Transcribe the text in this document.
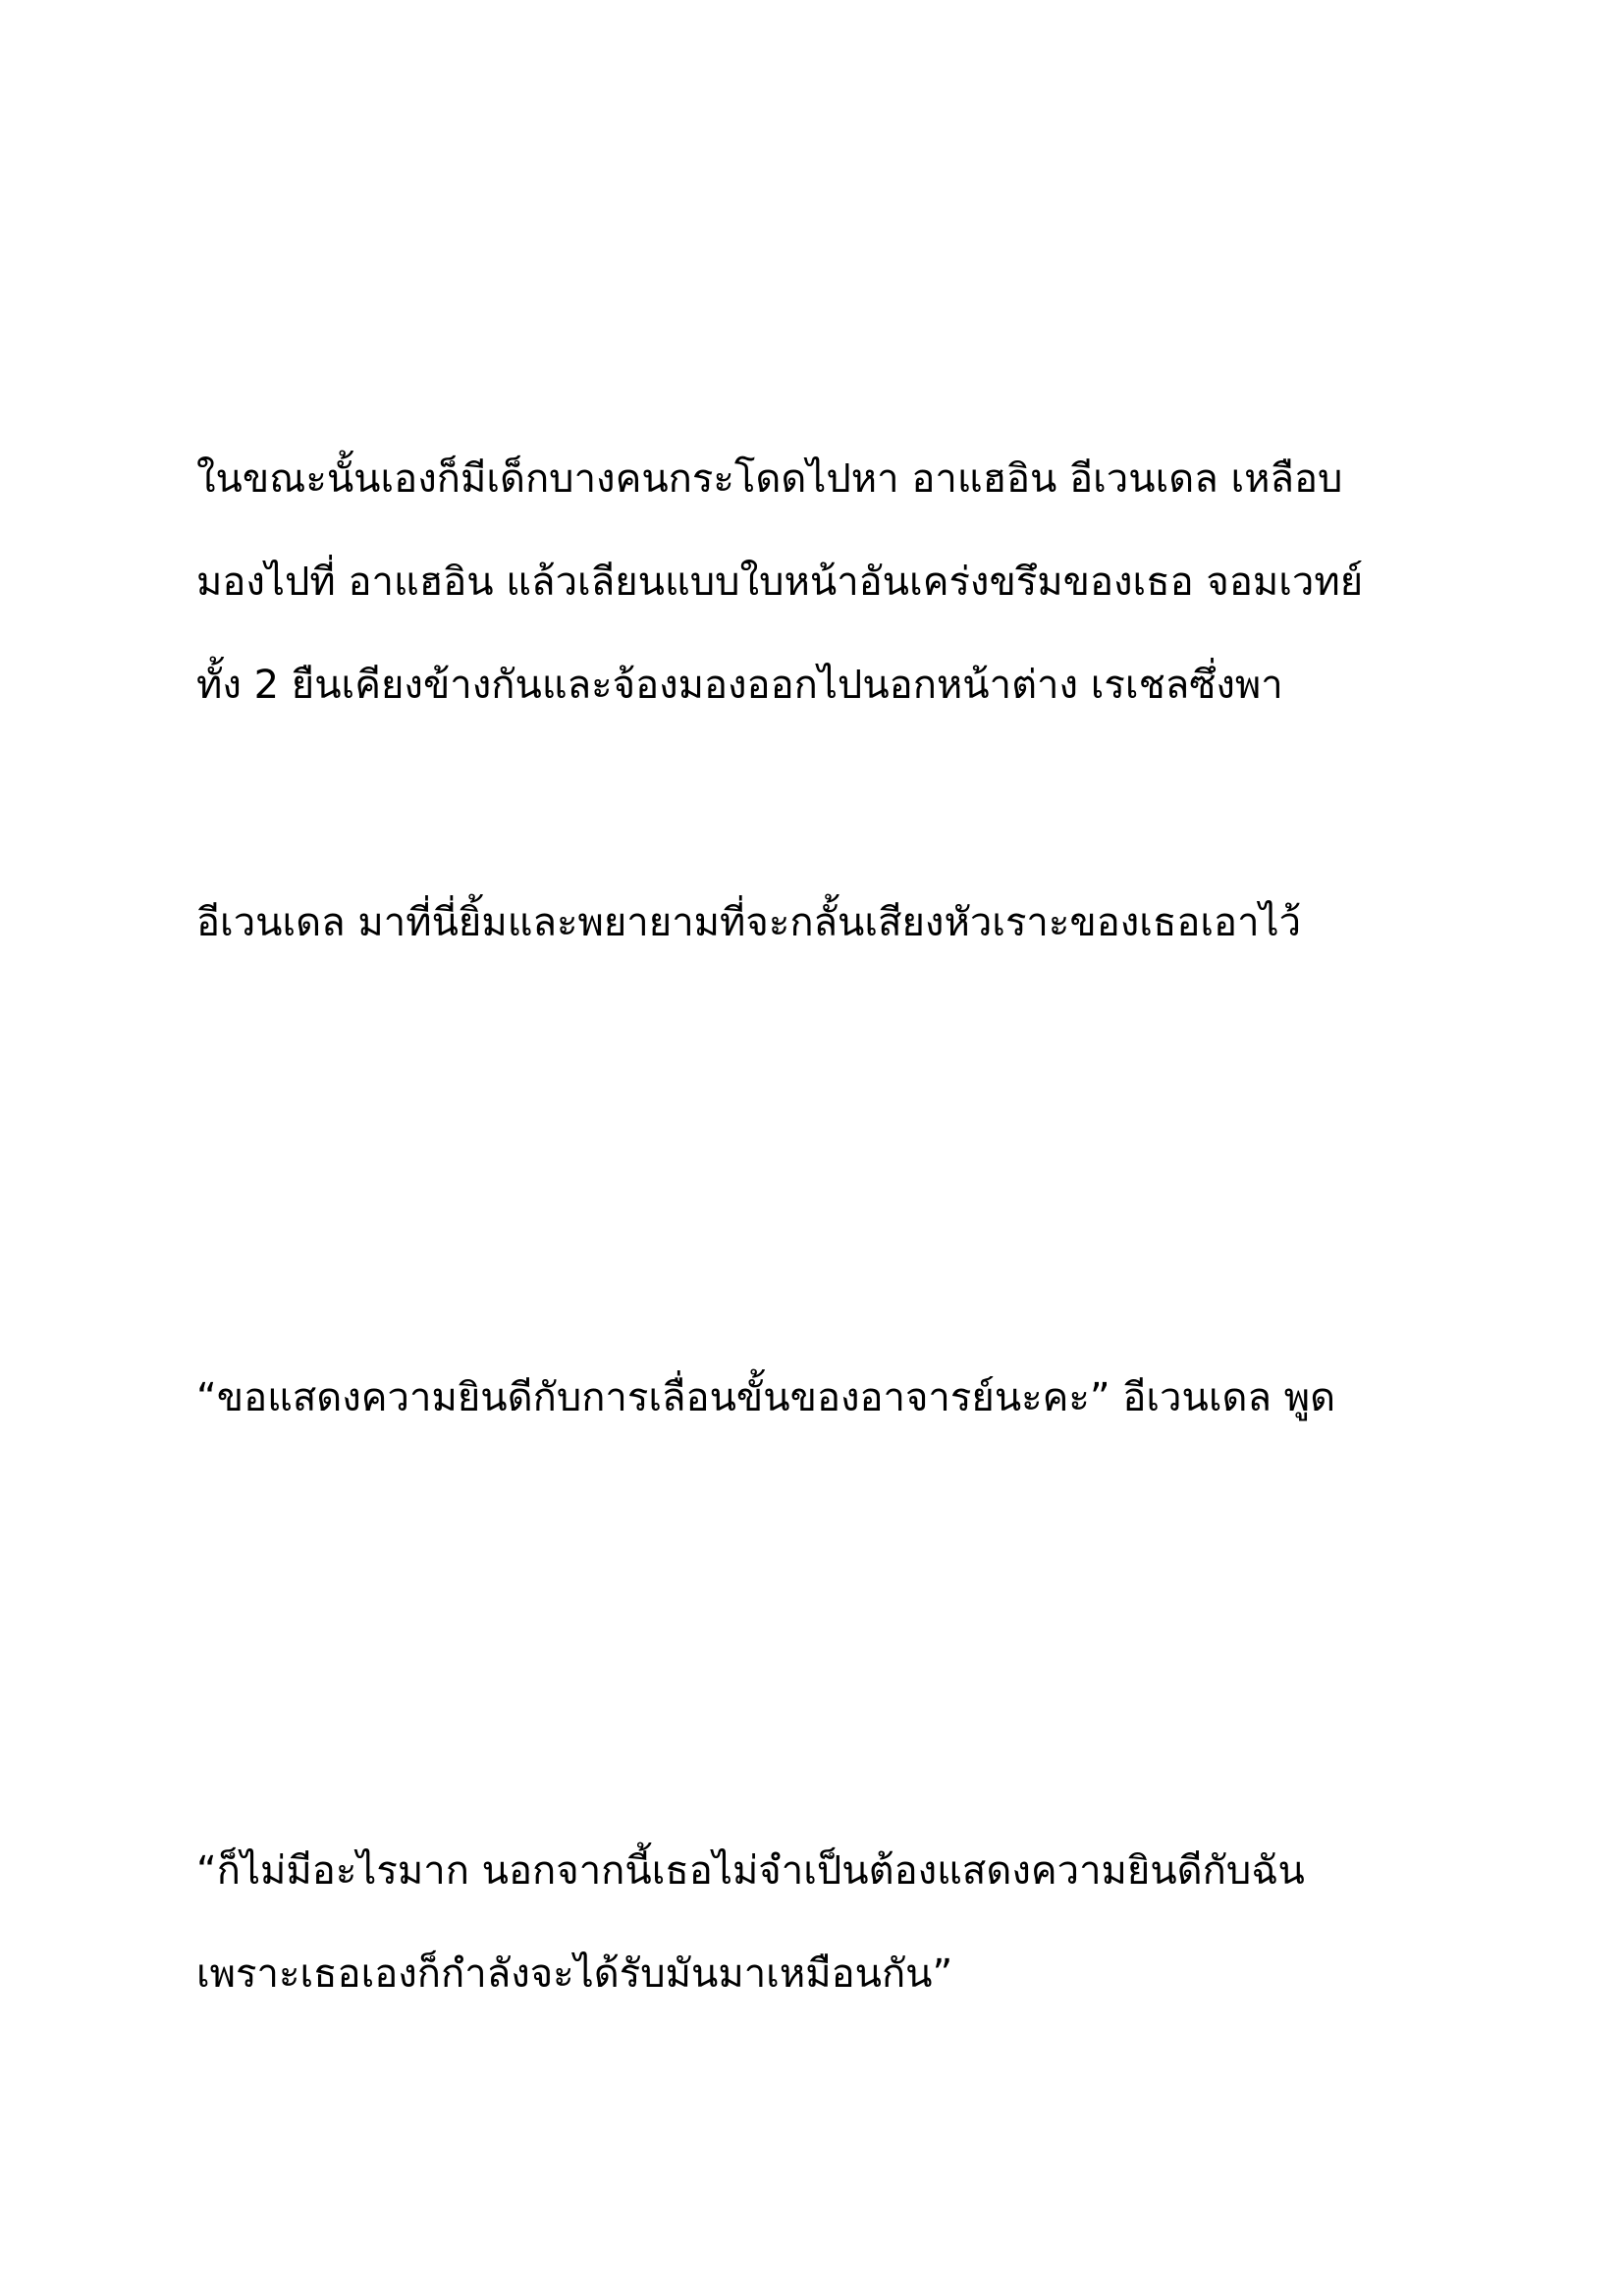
ในขณะนั้นเองก็มีเด็กบางคนกระโดดไปหา อาแฮอิน อีเวนเดล เหลือบ
มองไปที่ อาแฮอิน แล้วเลียนแบบใบหน้าอันเคร่งขรึมของเธอ จอมเวทย์
ทั้ง 2 ยืนเคียงข้างกันและจ้องมองออกไปนอกหน้าต่าง เรเชลซึ่งพา
อีเวนเดล มาที่นี่ยิ้มและพยายามที่จะกลั้นเสียงหัวเราะของเธอเอาไว้
“ขอแสดงความยินดีกับการเลื่อนขั้นของอาจารย์นะคะ” อีเวนเดล พูด
“ก็ไม่มีอะไรมาก นอกจากนี้เธอไม่จำเป็นต้องแสดงความยินดีกับฉัน
เพราะเธอเองก็กำลังจะได้รับมันมาเหมือนกัน”
